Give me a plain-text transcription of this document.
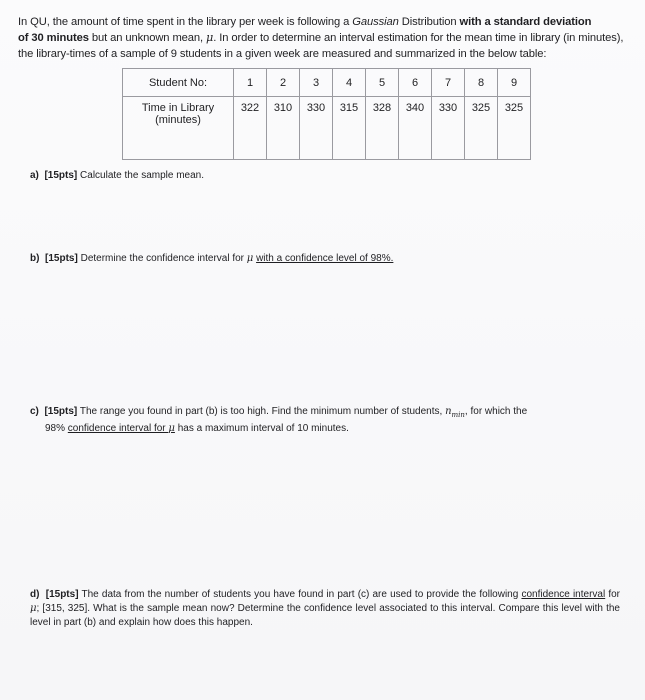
In QU, the amount of time spent in the library per week is following a Gaussian Distribution with a standard deviation
of 30 minutes but an unknown mean, μ. In order to determine an interval estimation for the mean time in library (in minutes), the library-times of a sample of 9 students in a given week are measured and summarized in the below table:
Student No:	1	2	3	4	5	6	7	8	9

Time in Library
(minutes)	322	310	330	315	328	340	330	325	325
a) [15pts] Calculate the sample mean.
b) [15pts] Determine the confidence interval for μ with a confidence level of 98%.
c) [15pts] The range you found in part (b) is too high. Find the minimum number of students, $n_{min}$, for which the
98% confidence interval for μ has a maximum interval of 10 minutes.
d) [15pts] The data from the number of students you have found in part (c) are used to provide the following confidence interval for μ; [315, 325]. What is the sample mean now? Determine the confidence level associated to this interval. Compare this level with the level in part (b) and explain how does this happen.
